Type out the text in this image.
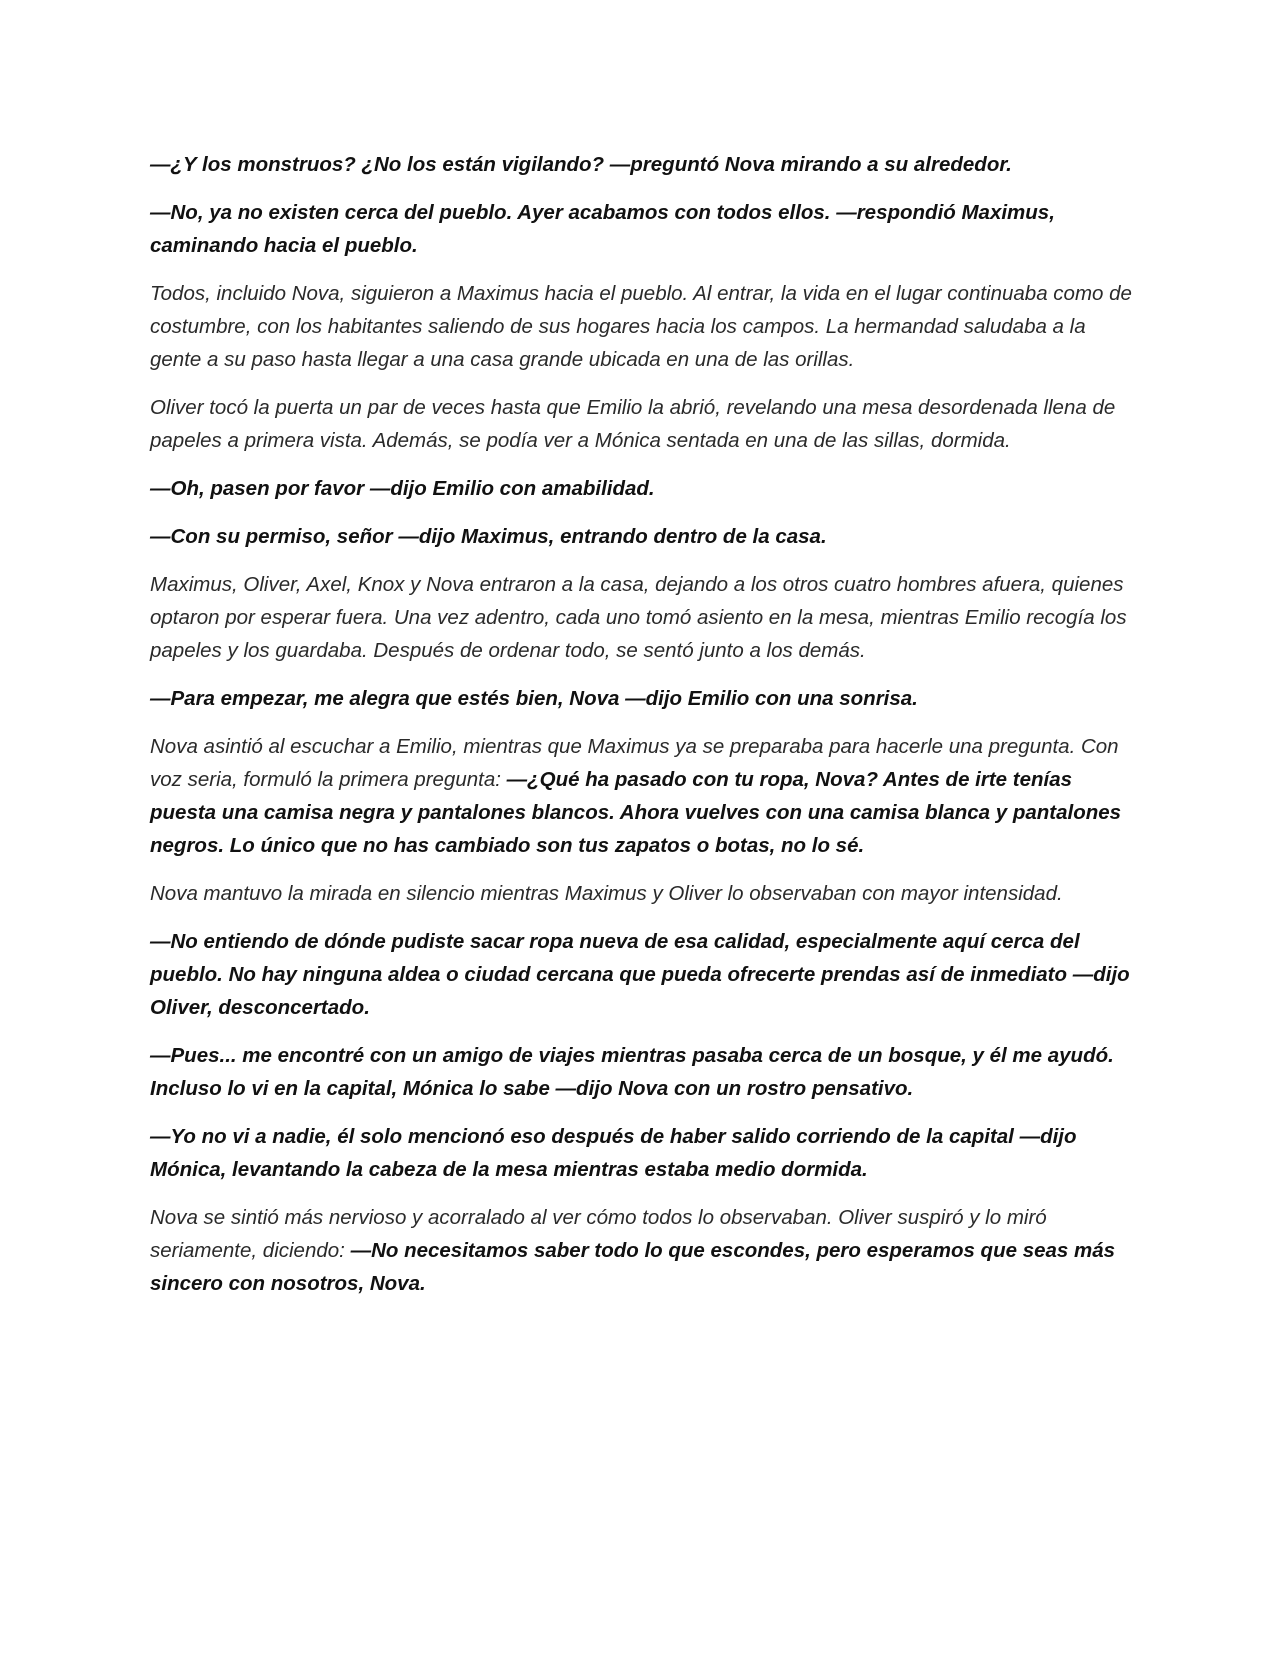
—¿Y los monstruos? ¿No los están vigilando? —preguntó Nova mirando a su alrededor.

—No, ya no existen cerca del pueblo. Ayer acabamos con todos ellos. —respondió Maximus, caminando hacia el pueblo.

Todos, incluido Nova, siguieron a Maximus hacia el pueblo. Al entrar, la vida en el lugar continuaba como de costumbre, con los habitantes saliendo de sus hogares hacia los campos. La hermandad saludaba a la gente a su paso hasta llegar a una casa grande ubicada en una de las orillas.

Oliver tocó la puerta un par de veces hasta que Emilio la abrió, revelando una mesa desordenada llena de papeles a primera vista. Además, se podía ver a Mónica sentada en una de las sillas, dormida.

—Oh, pasen por favor —dijo Emilio con amabilidad.

—Con su permiso, señor —dijo Maximus, entrando dentro de la casa.

Maximus, Oliver, Axel, Knox y Nova entraron a la casa, dejando a los otros cuatro hombres afuera, quienes optaron por esperar fuera. Una vez adentro, cada uno tomó asiento en la mesa, mientras Emilio recogía los papeles y los guardaba. Después de ordenar todo, se sentó junto a los demás.

—Para empezar, me alegra que estés bien, Nova —dijo Emilio con una sonrisa.

Nova asintió al escuchar a Emilio, mientras que Maximus ya se preparaba para hacerle una pregunta. Con voz seria, formuló la primera pregunta: —¿Qué ha pasado con tu ropa, Nova? Antes de irte tenías puesta una camisa negra y pantalones blancos. Ahora vuelves con una camisa blanca y pantalones negros. Lo único que no has cambiado son tus zapatos o botas, no lo sé.

Nova mantuvo la mirada en silencio mientras Maximus y Oliver lo observaban con mayor intensidad.

—No entiendo de dónde pudiste sacar ropa nueva de esa calidad, especialmente aquí cerca del pueblo. No hay ninguna aldea o ciudad cercana que pueda ofrecerte prendas así de inmediato —dijo Oliver, desconcertado.

—Pues... me encontré con un amigo de viajes mientras pasaba cerca de un bosque, y él me ayudó. Incluso lo vi en la capital, Mónica lo sabe —dijo Nova con un rostro pensativo.

—Yo no vi a nadie, él solo mencionó eso después de haber salido corriendo de la capital —dijo Mónica, levantando la cabeza de la mesa mientras estaba medio dormida.

Nova se sintió más nervioso y acorralado al ver cómo todos lo observaban. Oliver suspiró y lo miró seriamente, diciendo: —No necesitamos saber todo lo que escondes, pero esperamos que seas más sincero con nosotros, Nova.
